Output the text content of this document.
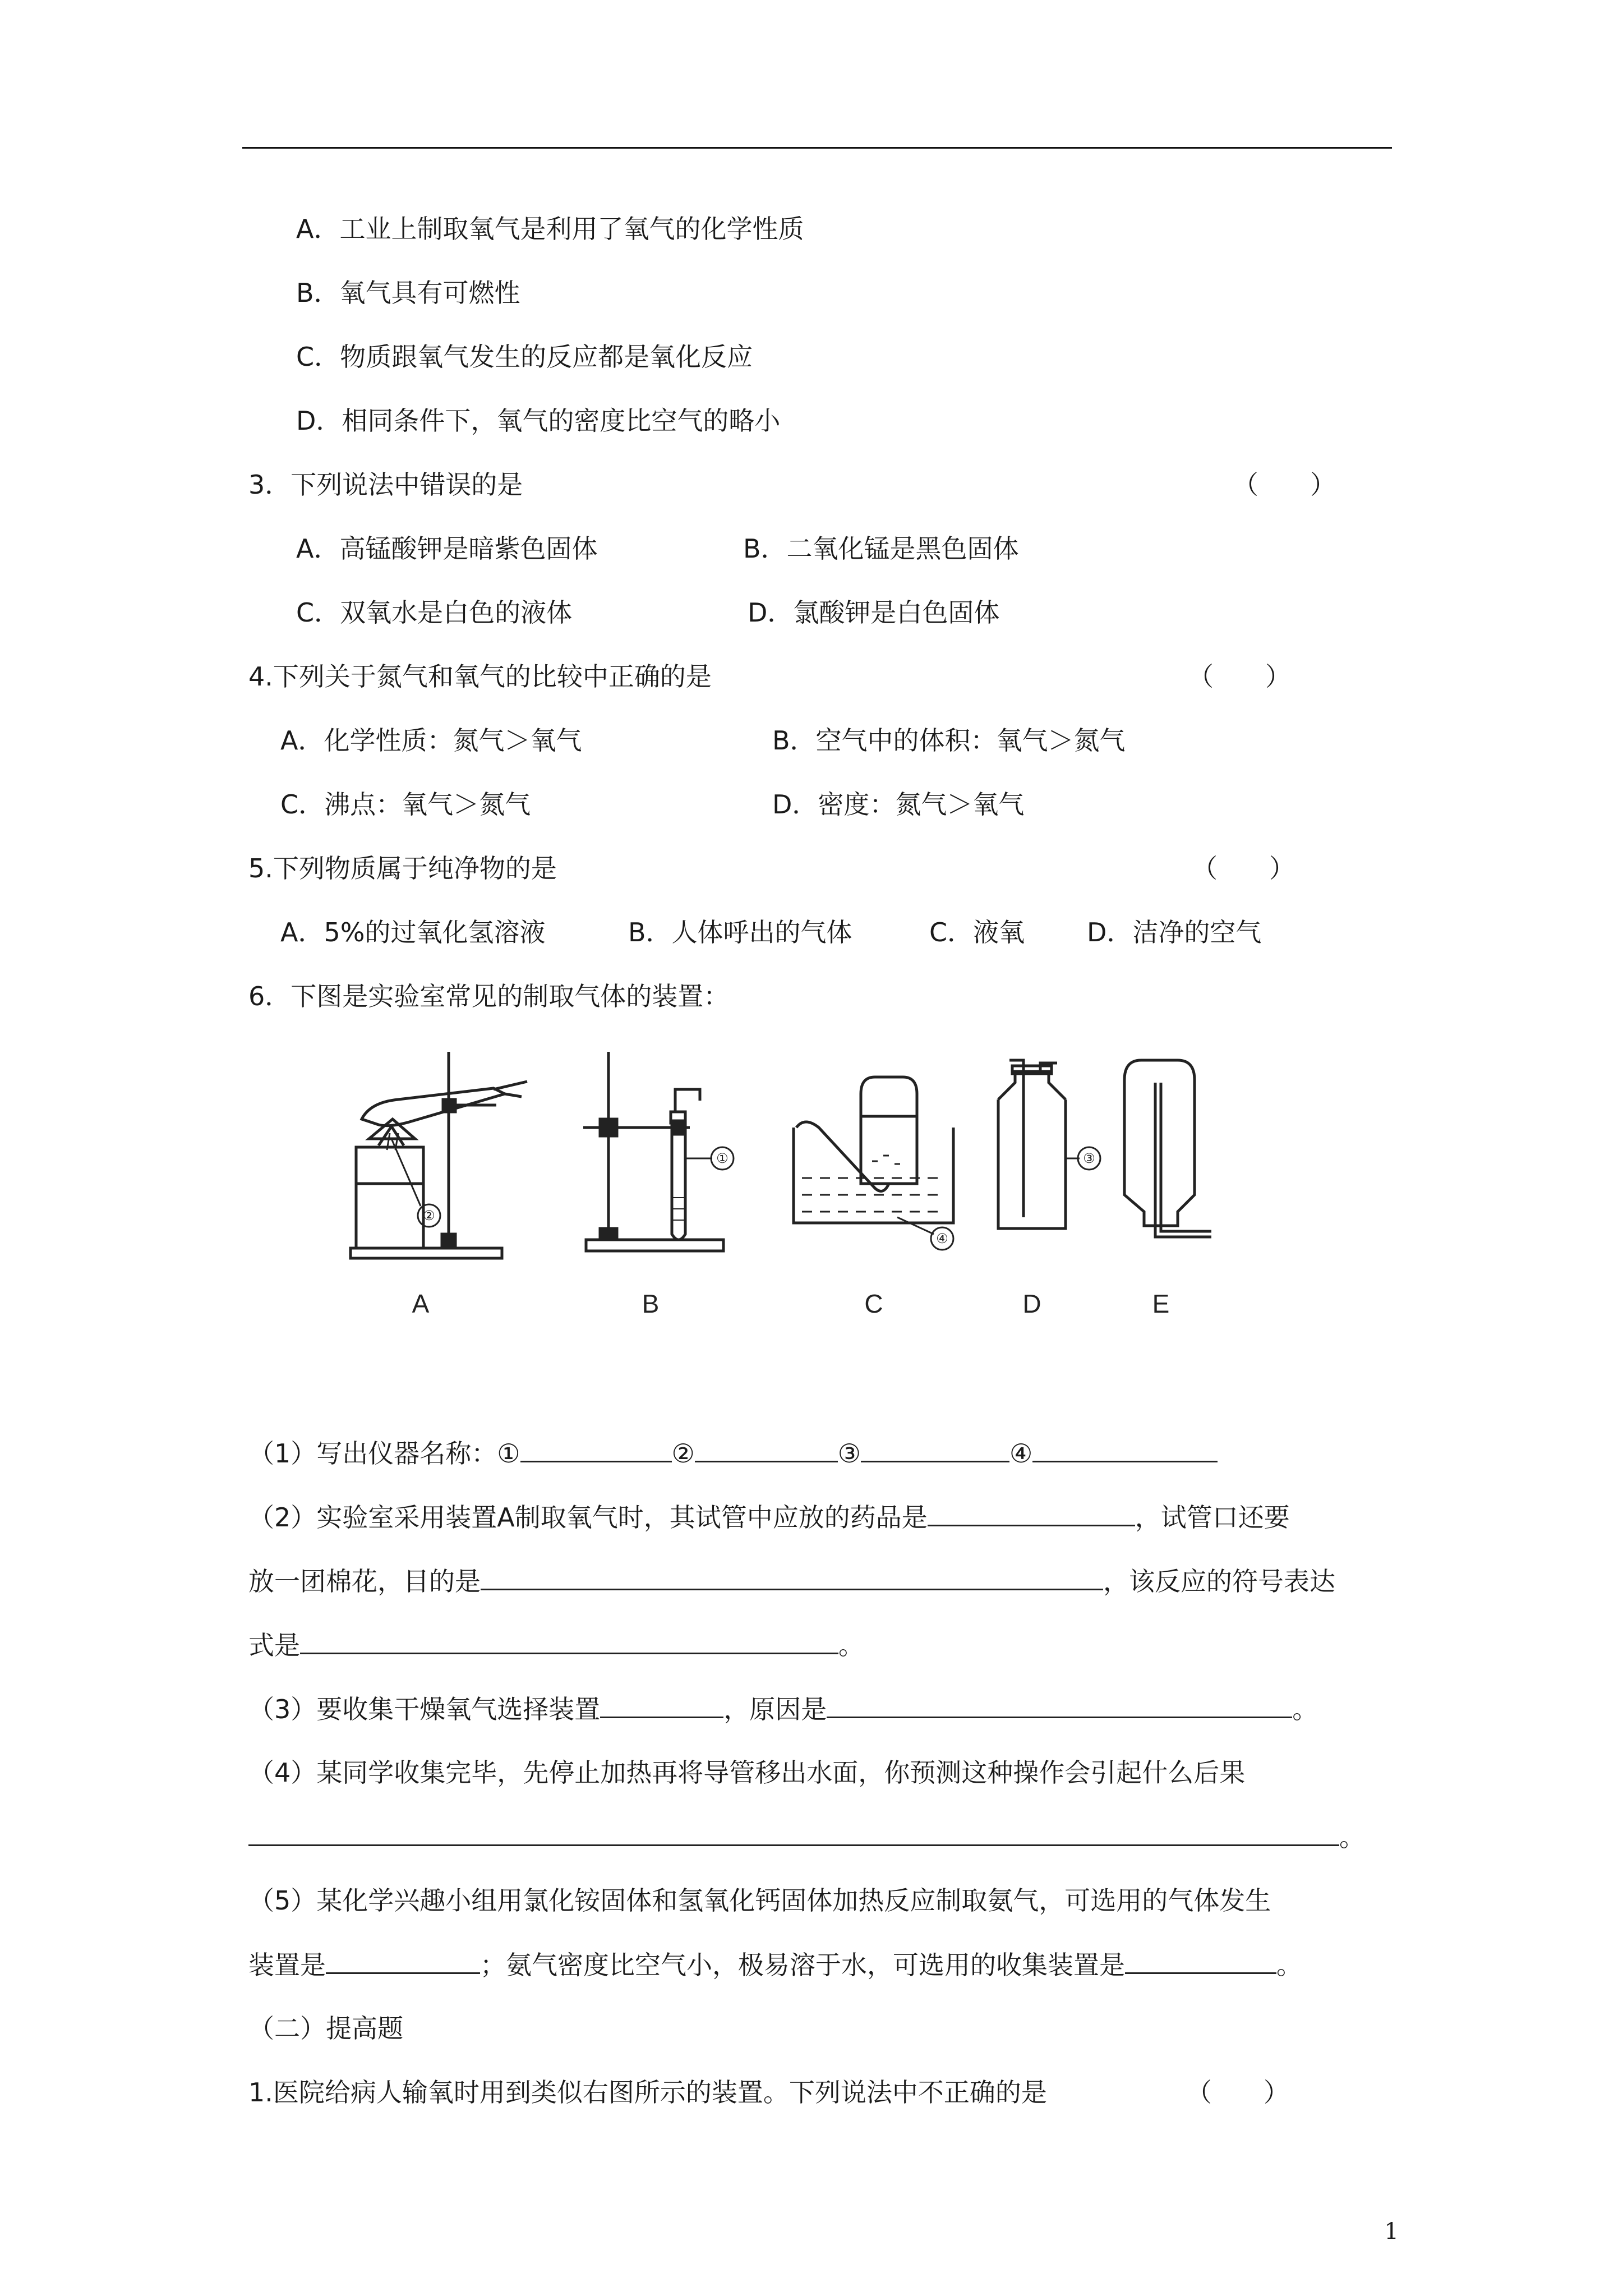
A．工业上制取氧气是利用了氧气的化学性质
B．氧气具有可燃性
C．物质跟氧气发生的反应都是氧化反应
D．相同条件下，氧气的密度比空气的略小
3．下列说法中错误的是	（　　）
A．高锰酸钾是暗紫色固体	B．二氧化锰是黑色固体
C．双氧水是白色的液体	D．氯酸钾是白色固体
4.下列关于氮气和氧气的比较中正确的是	（　　）
A．化学性质：氮气＞氧气	B．空气中的体积：氧气＞氮气
C．沸点：氧气＞氮气	D．密度：氮气＞氧气
5.下列物质属于纯净物的是	（　　）
A．5%的过氧化氢溶液	B．人体呼出的气体	C．液氧 D．洁净的空气
6．下图是实验室常见的制取气体的装置：
A	B	C	D	E
①
②
③
④
（1）写出仪器名称：①	②	③	④
（2）实验室采用装置A制取氧气时，其试管中应放的药品是	，试管口还要
放一团棉花，目的是	，该反应的符号表达
式是	。
（3）要收集干燥氧气选择装置	，原因是	。
（4）某同学收集完毕，先停止加热再将导管移出水面，你预测这种操作会引起什么后果
。
（5）某化学兴趣小组用氯化铵固体和氢氧化钙固体加热反应制取氨气，可选用的气体发生
装置是	；氨气密度比空气小，极易溶于水，可选用的收集装置是	。
（二）提高题
1.医院给病人输氧时用到类似右图所示的装置。下列说法中不正确的是	（　　）
1
